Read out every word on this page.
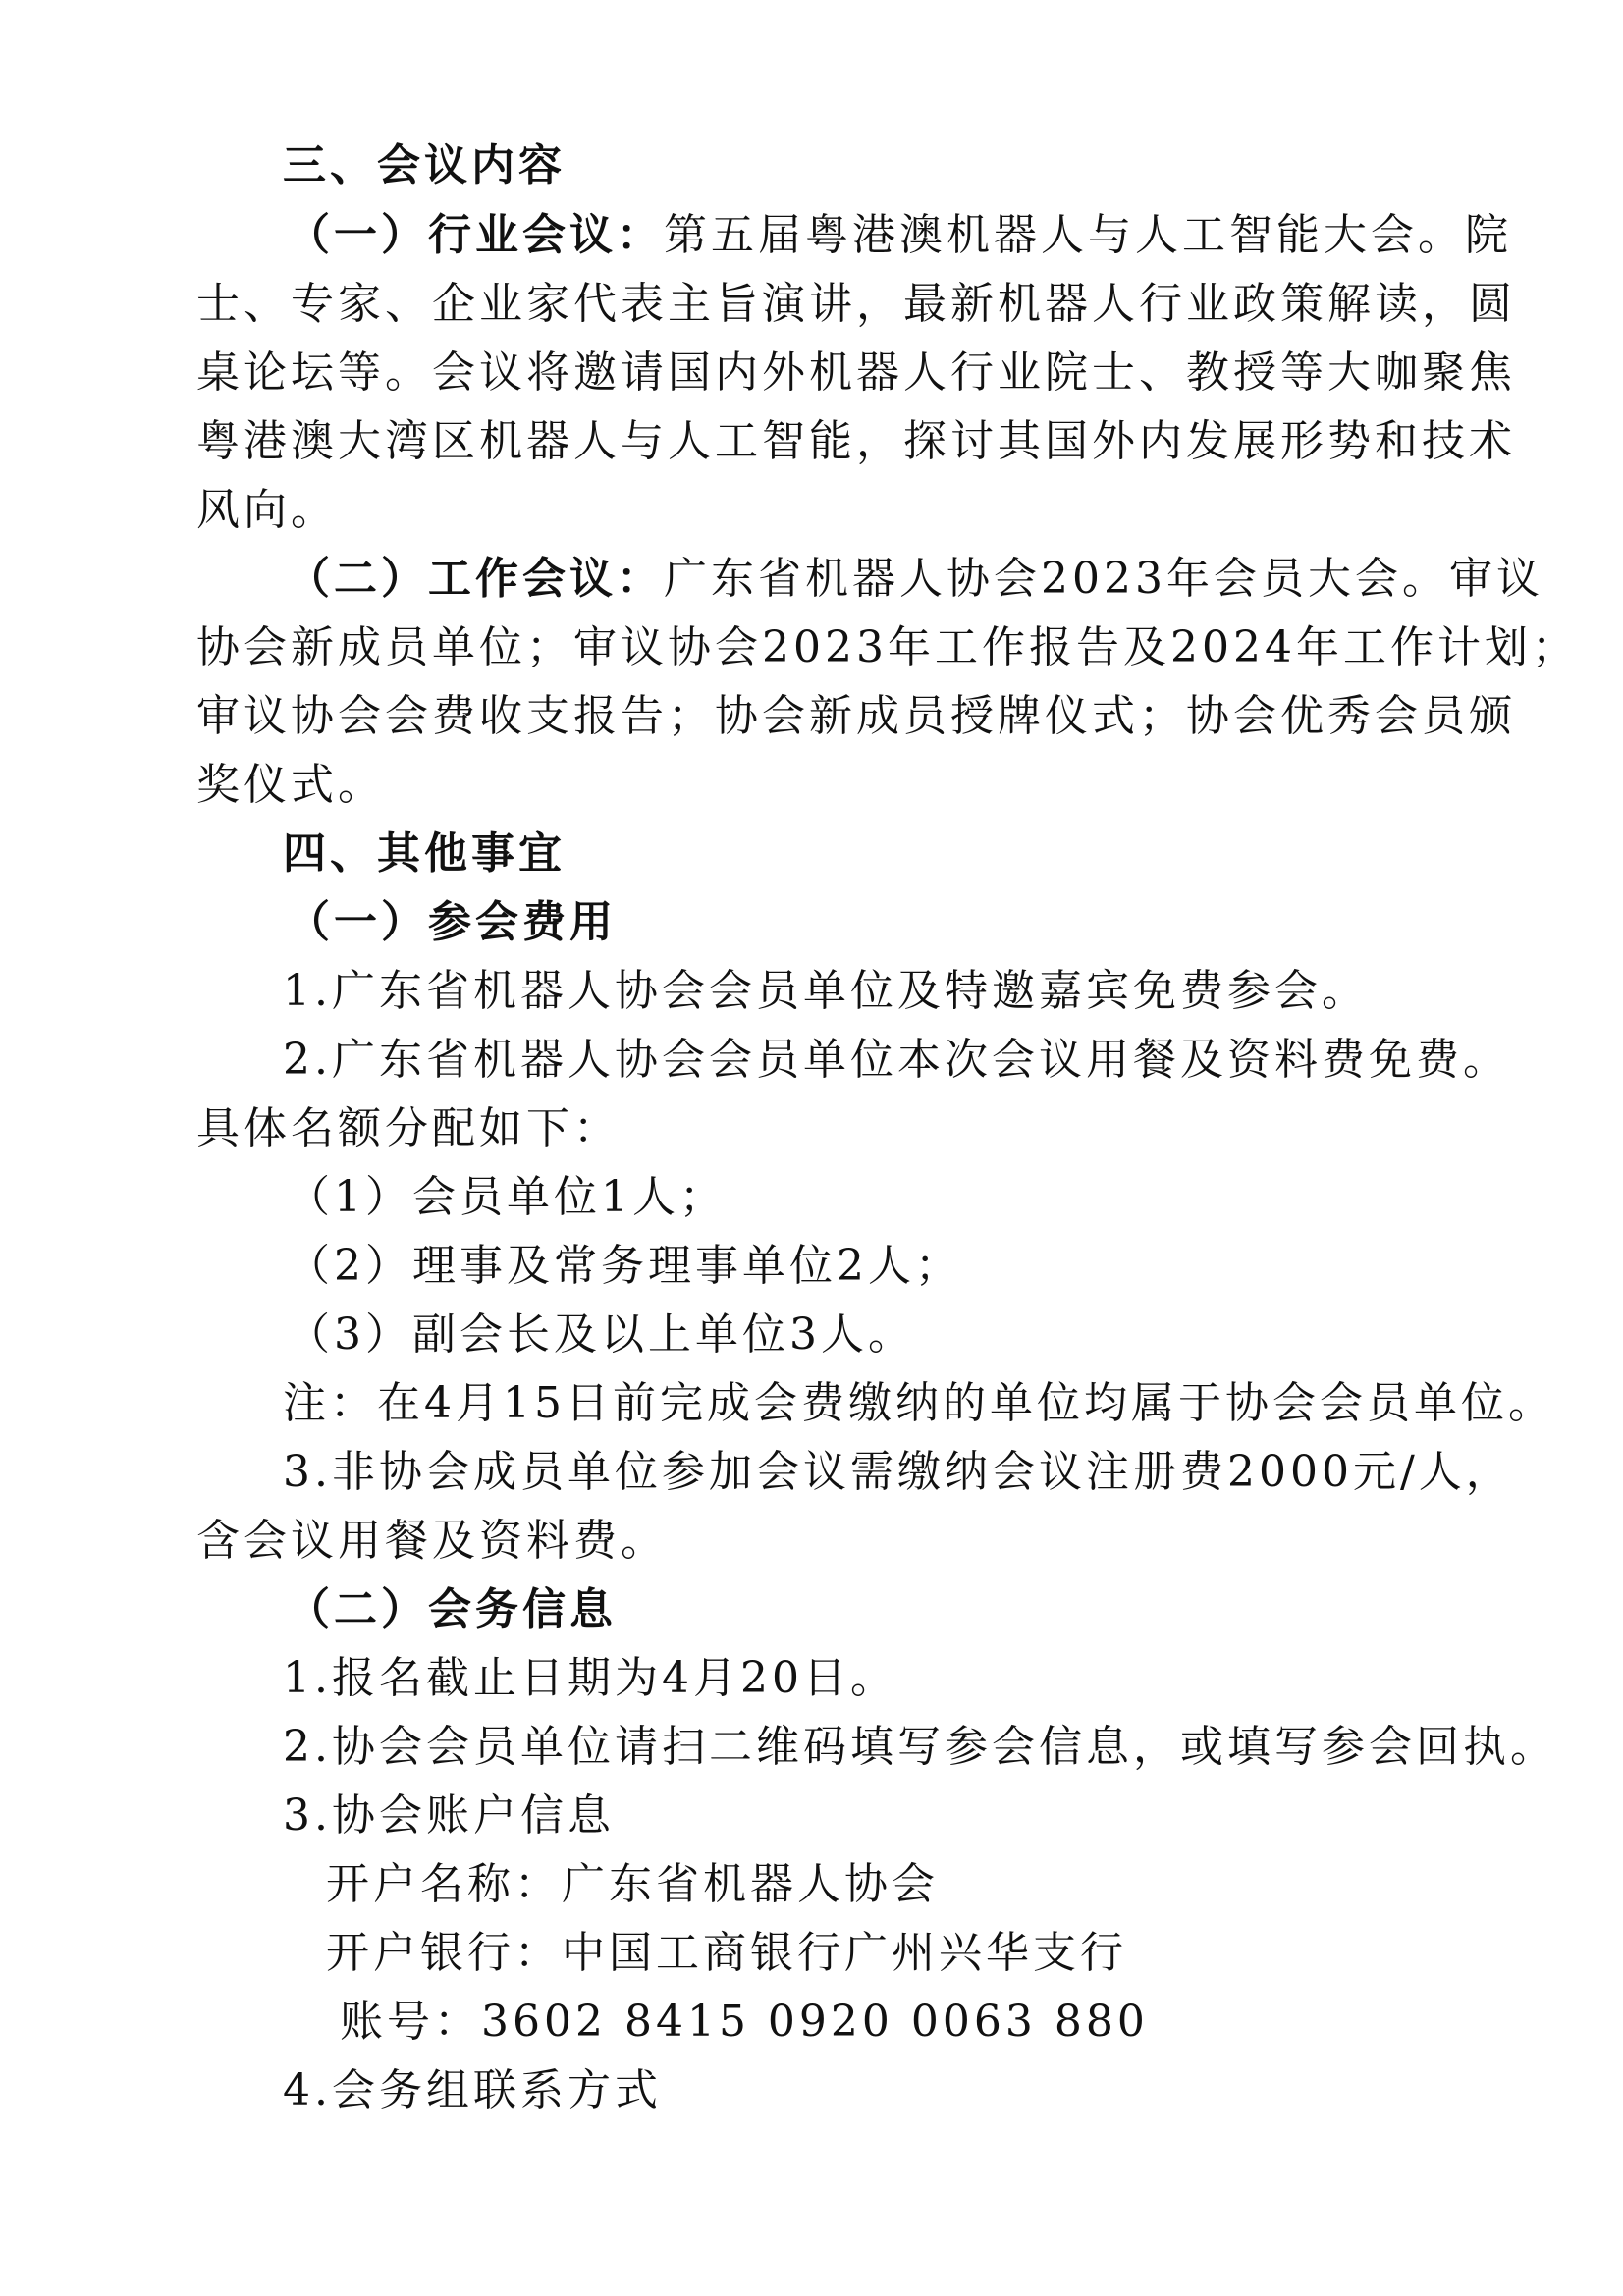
三、会议内容
（一）行业会议：第五届粤港澳机器人与人工智能大会。院
士、专家、企业家代表主旨演讲，最新机器人行业政策解读，圆
桌论坛等。会议将邀请国内外机器人行业院士、教授等大咖聚焦
粤港澳大湾区机器人与人工智能，探讨其国外内发展形势和技术
风向。
（二）工作会议：广东省机器人协会2023年会员大会。审议
协会新成员单位；审议协会2023年工作报告及2024年工作计划；
审议协会会费收支报告；协会新成员授牌仪式；协会优秀会员颁
奖仪式。
四、其他事宜
（一）参会费用
1.广东省机器人协会会员单位及特邀嘉宾免费参会。
2.广东省机器人协会会员单位本次会议用餐及资料费免费。
具体名额分配如下：
（1）会员单位1人；
（2）理事及常务理事单位2人；
（3）副会长及以上单位3人。
注：在4月15日前完成会费缴纳的单位均属于协会会员单位。
3.非协会成员单位参加会议需缴纳会议注册费2000元/人，
含会议用餐及资料费。
（二）会务信息
1.报名截止日期为4月20日。
2.协会会员单位请扫二维码填写参会信息，或填写参会回执。
3.协会账户信息
开户名称：广东省机器人协会
开户银行：中国工商银行广州兴华支行
账号：3602 8415 0920 0063 880
4.会务组联系方式
